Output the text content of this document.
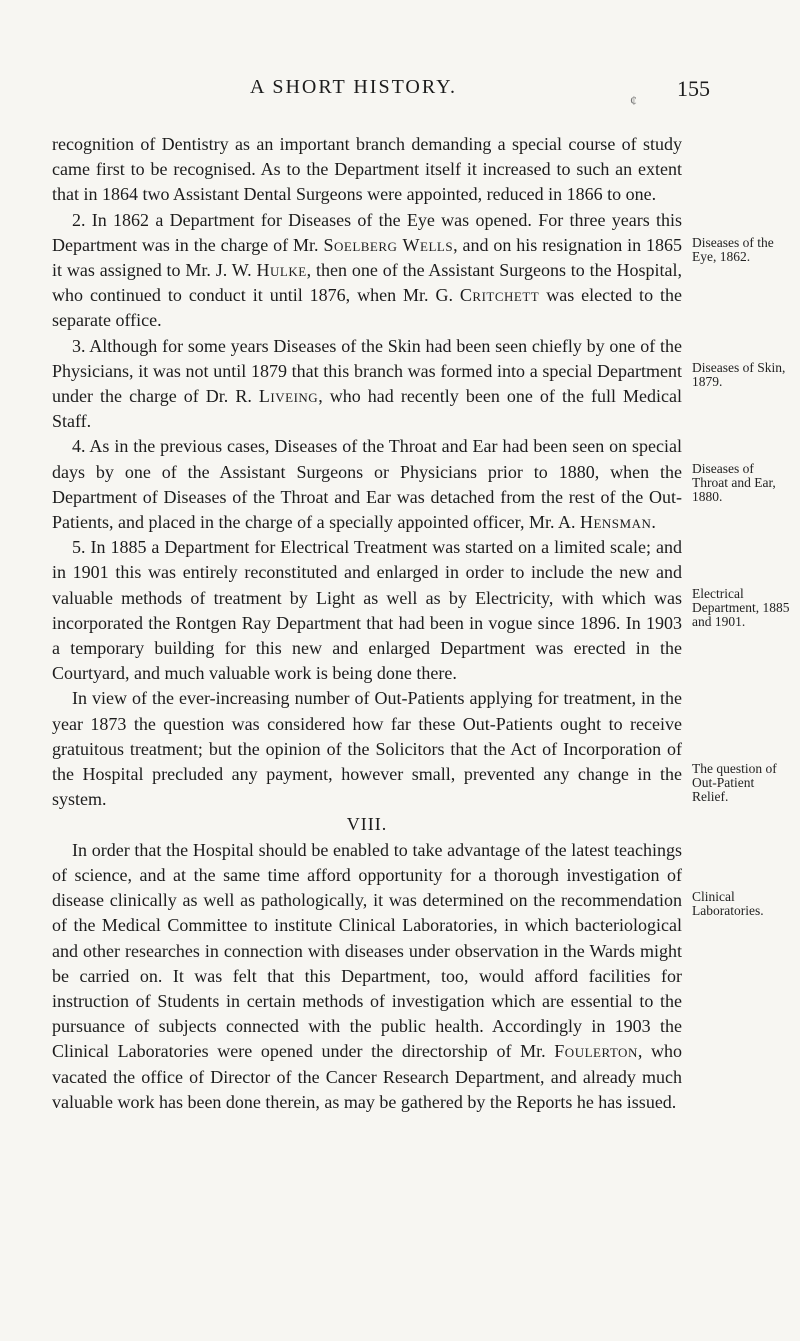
A SHORT HISTORY.
¢
155

recognition of Dentistry as an important branch demanding a special course of study came first to be recognised. As to the Department itself it increased to such an extent that in 1864 two Assistant Dental Surgeons were appointed, reduced in 1866 to one.

2. In 1862 a Department for Diseases of the Eye was opened. For three years this Department was in the charge of Mr. Soelberg Wells, and on his resignation in 1865 it was assigned to Mr. J. W. Hulke, then one of the Assistant Surgeons to the Hospital, who continued to conduct it until 1876, when Mr. G. Critchett was elected to the separate office.

3. Although for some years Diseases of the Skin had been seen chiefly by one of the Physicians, it was not until 1879 that this branch was formed into a special Department under the charge of Dr. R. Liveing, who had recently been one of the full Medical Staff.

4. As in the previous cases, Diseases of the Throat and Ear had been seen on special days by one of the Assistant Surgeons or Physicians prior to 1880, when the Department of Diseases of the Throat and Ear was detached from the rest of the Out-Patients, and placed in the charge of a specially appointed officer, Mr. A. Hensman.

5. In 1885 a Department for Electrical Treatment was started on a limited scale; and in 1901 this was entirely reconstituted and enlarged in order to include the new and valuable methods of treatment by Light as well as by Electricity, with which was incorporated the Rontgen Ray Department that had been in vogue since 1896. In 1903 a temporary building for this new and enlarged Department was erected in the Courtyard, and much valuable work is being done there.

In view of the ever-increasing number of Out-Patients applying for treatment, in the year 1873 the question was considered how far these Out-Patients ought to receive gratuitous treatment; but the opinion of the Solicitors that the Act of Incorporation of the Hospital precluded any payment, however small, prevented any change in the system.

VIII.

In order that the Hospital should be enabled to take advantage of the latest teachings of science, and at the same time afford opportunity for a thorough investigation of disease clinically as well as pathologically, it was determined on the recommendation of the Medical Committee to institute Clinical Laboratories, in which bacteriological and other researches in connection with diseases under observation in the Wards might be carried on. It was felt that this Department, too, would afford facilities for instruction of Students in certain methods of investigation which are essential to the pursuance of subjects connected with the public health. Accordingly in 1903 the Clinical Laboratories were opened under the directorship of Mr. Foulerton, who vacated the office of Director of the Cancer Research Department, and already much valuable work has been done therein, as may be gathered by the Reports he has issued.

Diseases of the Eye, 1862.
Diseases of Skin, 1879.
Diseases of Throat and Ear, 1880.
Electrical Department, 1885 and 1901.
The question of Out-Patient Relief.
Clinical Laboratories.
